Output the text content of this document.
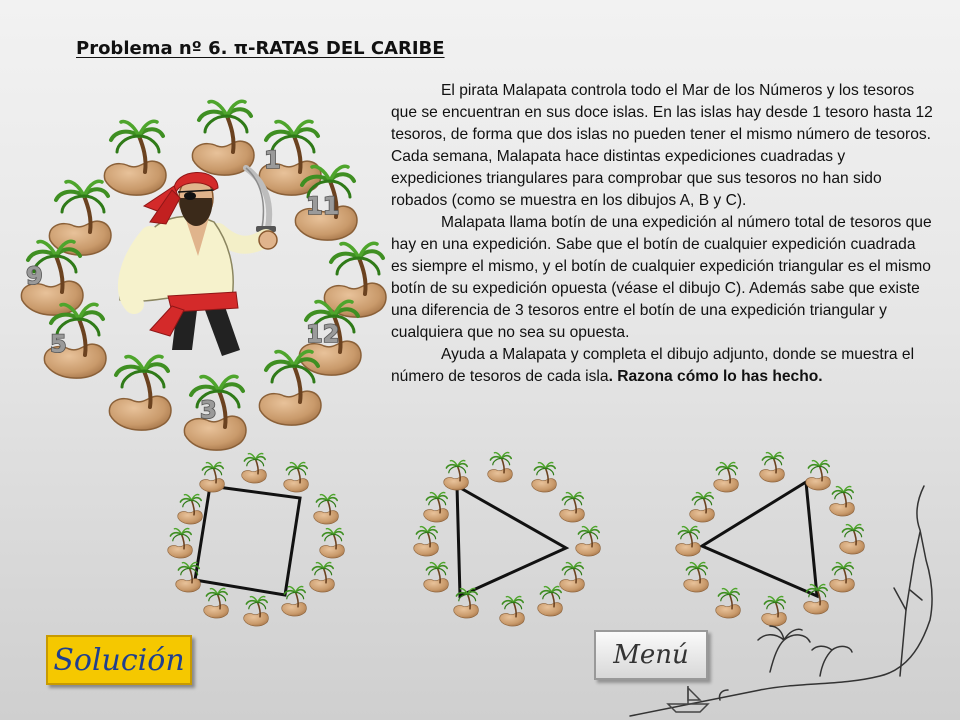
Problema nº 6. π-RATAS DEL CARIBE

El pirata Malapata controla todo el Mar de los Números y los tesoros que se encuentran en sus doce islas. En las islas hay desde 1 tesoro hasta 12 tesoros, de forma que dos islas no pueden tener el mismo número de tesoros. Cada semana, Malapata hace distintas expediciones cuadradas y expediciones triangulares para comprobar que sus tesoros no han sido robados (como se muestra en los dibujos A, B y C).

Malapata llama botín de una expedición al número total de tesoros que hay en una expedición. Sabe que el botín de cualquier expedición cuadrada es siempre el mismo, y el botín de cualquier expedición triangular es el mismo botín de su expedición opuesta (véase el dibujo C). Además sabe que existe una diferencia de 3 tesoros entre el botín de una expedición triangular y cualquiera que no sea su opuesta.

Ayuda a Malapata y completa el dibujo adjunto, donde se muestra el número de tesoros de cada isla. Razona cómo lo has hecho.

1
11
9
12
5
3
Solución	Menú
